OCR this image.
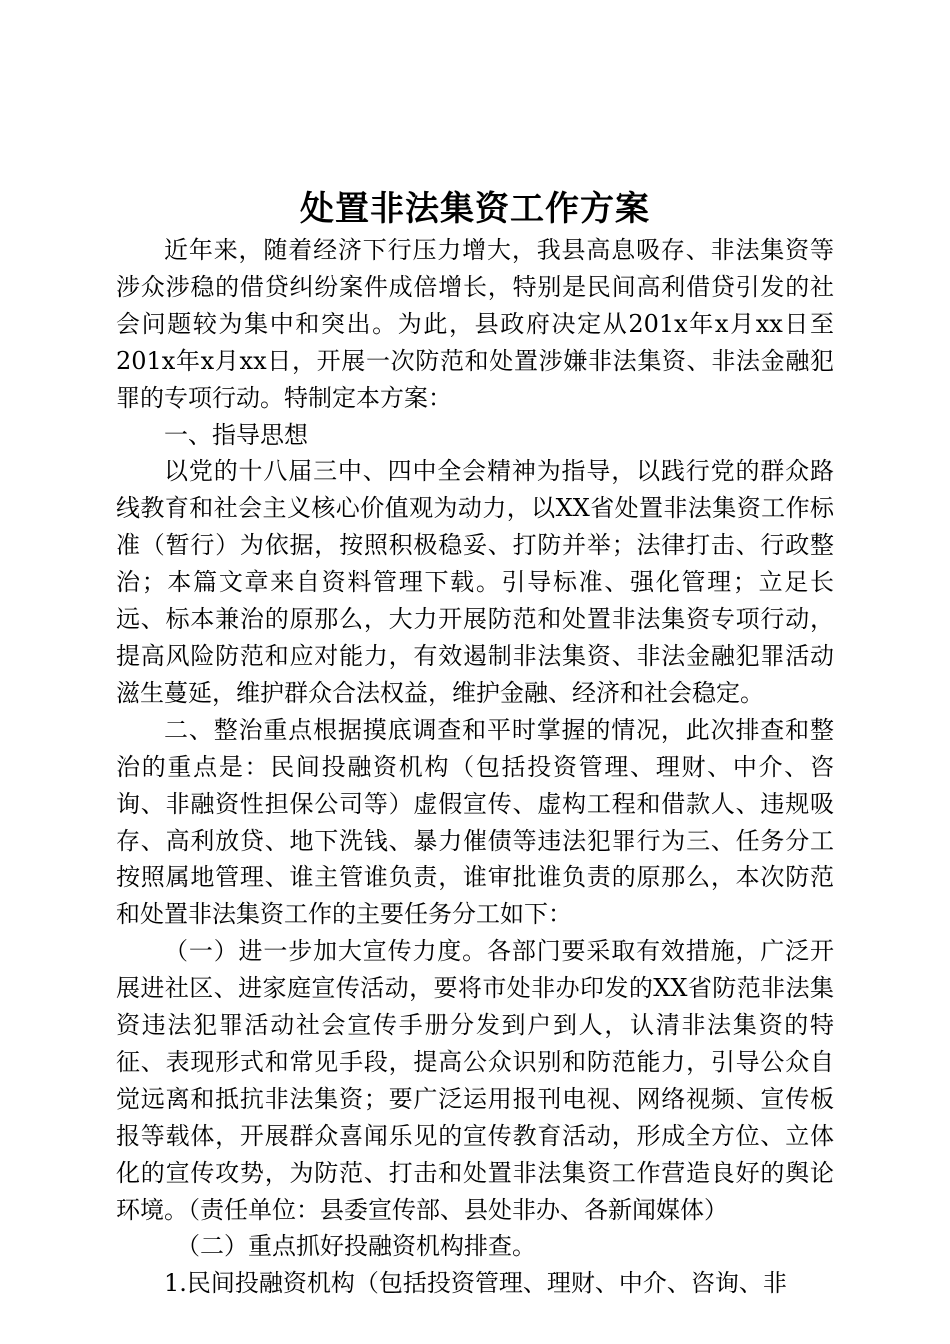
处置非法集资工作方案

近年来，随着经济下行压力增大，我县高息吸存、非法集资等涉众涉稳的借贷纠纷案件成倍增长，特别是民间高利借贷引发的社会问题较为集中和突出。为此，县政府决定从201x年x月xx日至201x年x月xx日，开展一次防范和处置涉嫌非法集资、非法金融犯罪的专项行动。特制定本方案：

一、指导思想

以党的十八届三中、四中全会精神为指导，以践行党的群众路线教育和社会主义核心价值观为动力，以XX省处置非法集资工作标准（暂行）为依据，按照积极稳妥、打防并举；法律打击、行政整治；本篇文章来自资料管理下载。引导标准、强化管理；立足长远、标本兼治的原那么，大力开展防范和处置非法集资专项行动，提高风险防范和应对能力，有效遏制非法集资、非法金融犯罪活动滋生蔓延，维护群众合法权益，维护金融、经济和社会稳定。

二、整治重点根据摸底调查和平时掌握的情况，此次排查和整治的重点是：民间投融资机构（包括投资管理、理财、中介、咨询、非融资性担保公司等）虚假宣传、虚构工程和借款人、违规吸存、高利放贷、地下洗钱、暴力催债等违法犯罪行为三、任务分工按照属地管理、谁主管谁负责，谁审批谁负责的原那么，本次防范和处置非法集资工作的主要任务分工如下：

（一）进一步加大宣传力度。各部门要采取有效措施，广泛开展进社区、进家庭宣传活动，要将市处非办印发的XX省防范非法集资违法犯罪活动社会宣传手册分发到户到人，认清非法集资的特征、表现形式和常见手段，提高公众识别和防范能力，引导公众自觉远离和抵抗非法集资；要广泛运用报刊电视、网络视频、宣传板报等载体，开展群众喜闻乐见的宣传教育活动，形成全方位、立体化的宣传攻势，为防范、打击和处置非法集资工作营造良好的舆论环境。（责任单位：县委宣传部、县处非办、各新闻媒体）

（二）重点抓好投融资机构排查。

1.民间投融资机构（包括投资管理、理财、中介、咨询、非
